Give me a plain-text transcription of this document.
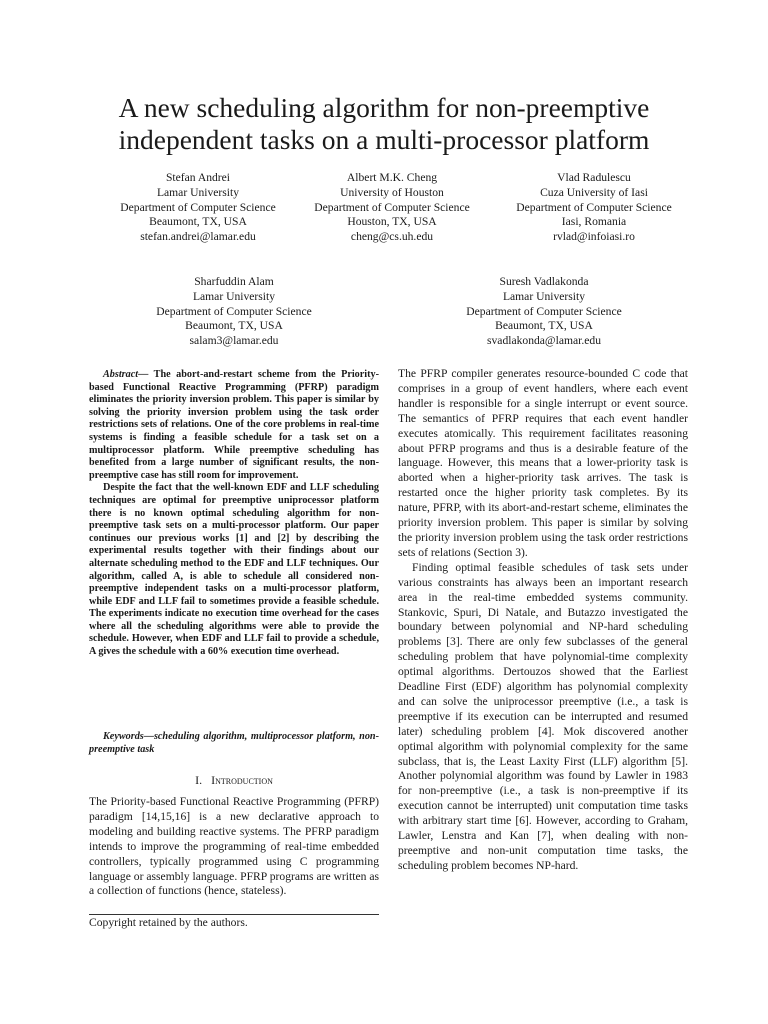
A new scheduling algorithm for non-preemptive independent tasks on a multi-processor platform
Stefan Andrei
Lamar University
Department of Computer Science
Beaumont, TX, USA
stefan.andrei@lamar.edu
Albert M.K. Cheng
University of Houston
Department of Computer Science
Houston, TX, USA
cheng@cs.uh.edu
Vlad Radulescu
Cuza University of Iasi
Department of Computer Science
Iasi, Romania
rvlad@infoiasi.ro
Sharfuddin Alam
Lamar University
Department of Computer Science
Beaumont, TX, USA
salam3@lamar.edu
Suresh Vadlakonda
Lamar University
Department of Computer Science
Beaumont, TX, USA
svadlakonda@lamar.edu

Abstract— The abort-and-restart scheme from the Priority-based Functional Reactive Programming (PFRP) paradigm eliminates the priority inversion problem. This paper is similar by solving the priority inversion problem using the task order restrictions sets of relations. One of the core problems in real-time systems is finding a feasible schedule for a task set on a multiprocessor platform. While preemptive scheduling has benefited from a large number of significant results, the non-preemptive case has still room for improvement.

Despite the fact that the well-known EDF and LLF scheduling techniques are optimal for preemptive uniprocessor platform there is no known optimal scheduling algorithm for non-preemptive task sets on a multi-processor platform. Our paper continues our previous works [1] and [2] by describing the experimental results together with their findings about our alternate scheduling method to the EDF and LLF techniques. Our algorithm, called A, is able to schedule all considered non-preemptive independent tasks on a multi-processor platform, while EDF and LLF fail to sometimes provide a feasible schedule. The experiments indicate no execution time overhead for the cases where all the scheduling algorithms were able to provide the schedule. However, when EDF and LLF fail to provide a schedule, A gives the schedule with a 60% execution time overhead.

Keywords—scheduling algorithm, multiprocessor platform, non-preemptive task

I. Introduction

The Priority-based Functional Reactive Programming (PFRP) paradigm [14,15,16] is a new declarative approach to modeling and building reactive systems. The PFRP paradigm intends to improve the programming of real-time embedded controllers, typically programmed using C programming language or assembly language. PFRP programs are written as a collection of functions (hence, stateless).

Copyright retained by the authors.

The PFRP compiler generates resource-bounded C code that comprises in a group of event handlers, where each event handler is responsible for a single interrupt or event source. The semantics of PFRP requires that each event handler executes atomically. This requirement facilitates reasoning about PFRP programs and thus is a desirable feature of the language. However, this means that a lower-priority task is aborted when a higher-priority task arrives. The task is restarted once the higher priority task completes. By its nature, PFRP, with its abort-and-restart scheme, eliminates the priority inversion problem. This paper is similar by solving the priority inversion problem using the task order restrictions sets of relations (Section 3).

Finding optimal feasible schedules of task sets under various constraints has always been an important research area in the real-time embedded systems community. Stankovic, Spuri, Di Natale, and Butazzo investigated the boundary between polynomial and NP-hard scheduling problems [3]. There are only few subclasses of the general scheduling problem that have polynomial-time complexity optimal algorithms. Dertouzos showed that the Earliest Deadline First (EDF) algorithm has polynomial complexity and can solve the uniprocessor preemptive (i.e., a task is preemptive if its execution can be interrupted and resumed later) scheduling problem [4]. Mok discovered another optimal algorithm with polynomial complexity for the same subclass, that is, the Least Laxity First (LLF) algorithm [5]. Another polynomial algorithm was found by Lawler in 1983 for non-preemptive (i.e., a task is non-preemptive if its execution cannot be interrupted) unit computation time tasks with arbitrary start time [6]. However, according to Graham, Lawler, Lenstra and Kan [7], when dealing with non-preemptive and non-unit computation time tasks, the scheduling problem becomes NP-hard.
